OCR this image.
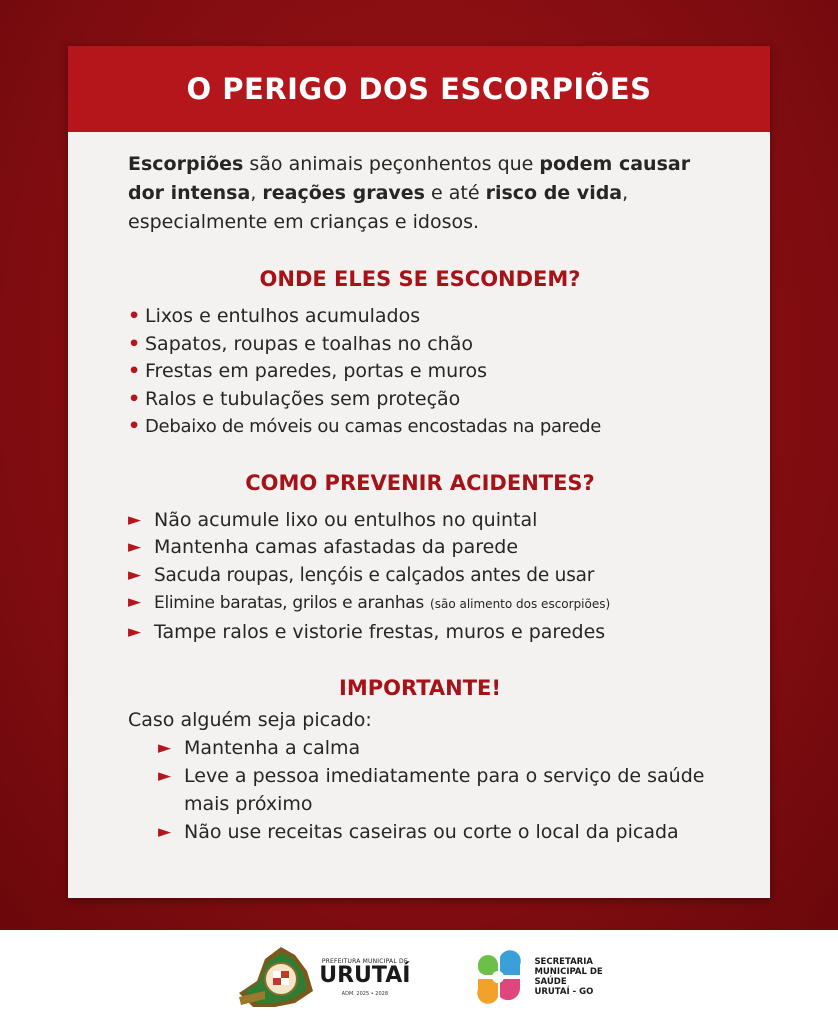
O PERIGO DOS ESCORPIÕES

Escorpiões são animais peçonhentos que podem causar dor intensa, reações graves e até risco de vida, especialmente em crianças e idosos.

ONDE ELES SE ESCONDEM?
• Lixos e entulhos acumulados
• Sapatos, roupas e toalhas no chão
• Frestas em paredes, portas e muros
• Ralos e tubulações sem proteção
• Debaixo de móveis ou camas encostadas na parede
COMO PREVENIR ACIDENTES?
► Não acumule lixo ou entulhos no quintal
► Mantenha camas afastadas da parede
► Sacuda roupas, lençóis e calçados antes de usar
► Elimine baratas, grilos e aranhas (são alimento dos escorpiões)
► Tampe ralos e vistorie frestas, muros e paredes
IMPORTANTE!

Caso alguém seja picado:

► Mantenha a calma
► Leve a pessoa imediatamente para o serviço de saúde mais próximo
► Não use receitas caseiras ou corte o local da picada
PREFEITURA MUNICIPAL DE
URUTAÍ
ADM. 2025 • 2028
SECRETARIA
MUNICIPAL DE
SAÚDE
URUTAÍ - GO
